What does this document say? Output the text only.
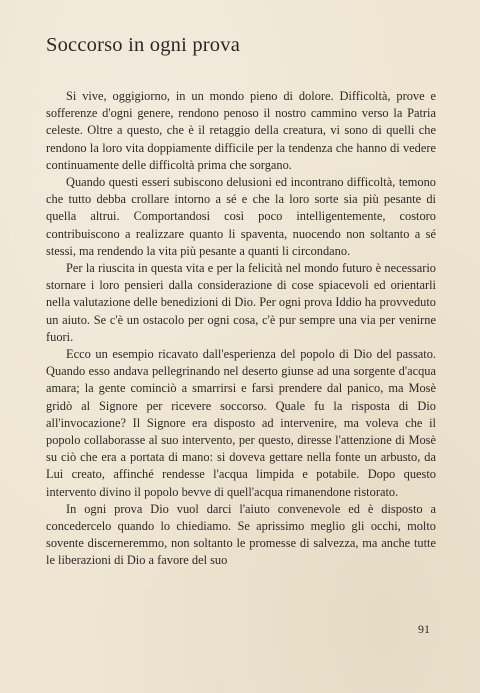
Soccorso in ogni prova

Si vive, oggigiorno, in un mondo pieno di dolore. Difficoltà, prove e sofferenze d'ogni genere, rendono penoso il nostro cammino verso la Patria celeste. Oltre a questo, che è il retaggio della creatura, vi sono di quelli che rendono la loro vita doppiamente difficile per la tendenza che hanno di vedere continuamente delle difficoltà prima che sorgano.

Quando questi esseri subiscono delusioni ed incontrano difficoltà, temono che tutto debba crollare intorno a sé e che la loro sorte sia più pesante di quella altrui. Comportandosi così poco intelligentemente, costoro contribuiscono a realizzare quanto li spaventa, nuocendo non soltanto a sé stessi, ma rendendo la vita più pesante a quanti li circondano.

Per la riuscita in questa vita e per la felicità nel mondo futuro è necessario stornare i loro pensieri dalla considerazione di cose spiacevoli ed orientarli nella valutazione delle benedizioni di Dio. Per ogni prova Iddio ha provveduto un aiuto. Se c'è un ostacolo per ogni cosa, c'è pur sempre una via per venirne fuori.

Ecco un esempio ricavato dall'esperienza del popolo di Dio del passato. Quando esso andava pellegrinando nel deserto giunse ad una sorgente d'acqua amara; la gente cominciò a smarrirsi e farsi prendere dal panico, ma Mosè gridò al Signore per ricevere soccorso. Quale fu la risposta di Dio all'invocazione? Il Signore era disposto ad intervenire, ma voleva che il popolo collaborasse al suo intervento, per questo, diresse l'attenzione di Mosè su ciò che era a portata di mano: si doveva gettare nella fonte un arbusto, da Lui creato, affinché rendesse l'acqua limpida e potabile. Dopo questo intervento divino il popolo bevve di quell'acqua rimanendone ristorato.

In ogni prova Dio vuol darci l'aiuto convenevole ed è disposto a concedercelo quando lo chiediamo. Se aprissimo meglio gli occhi, molto sovente discerneremmo, non soltanto le promesse di salvezza, ma anche tutte le liberazioni di Dio a favore del suo

91
